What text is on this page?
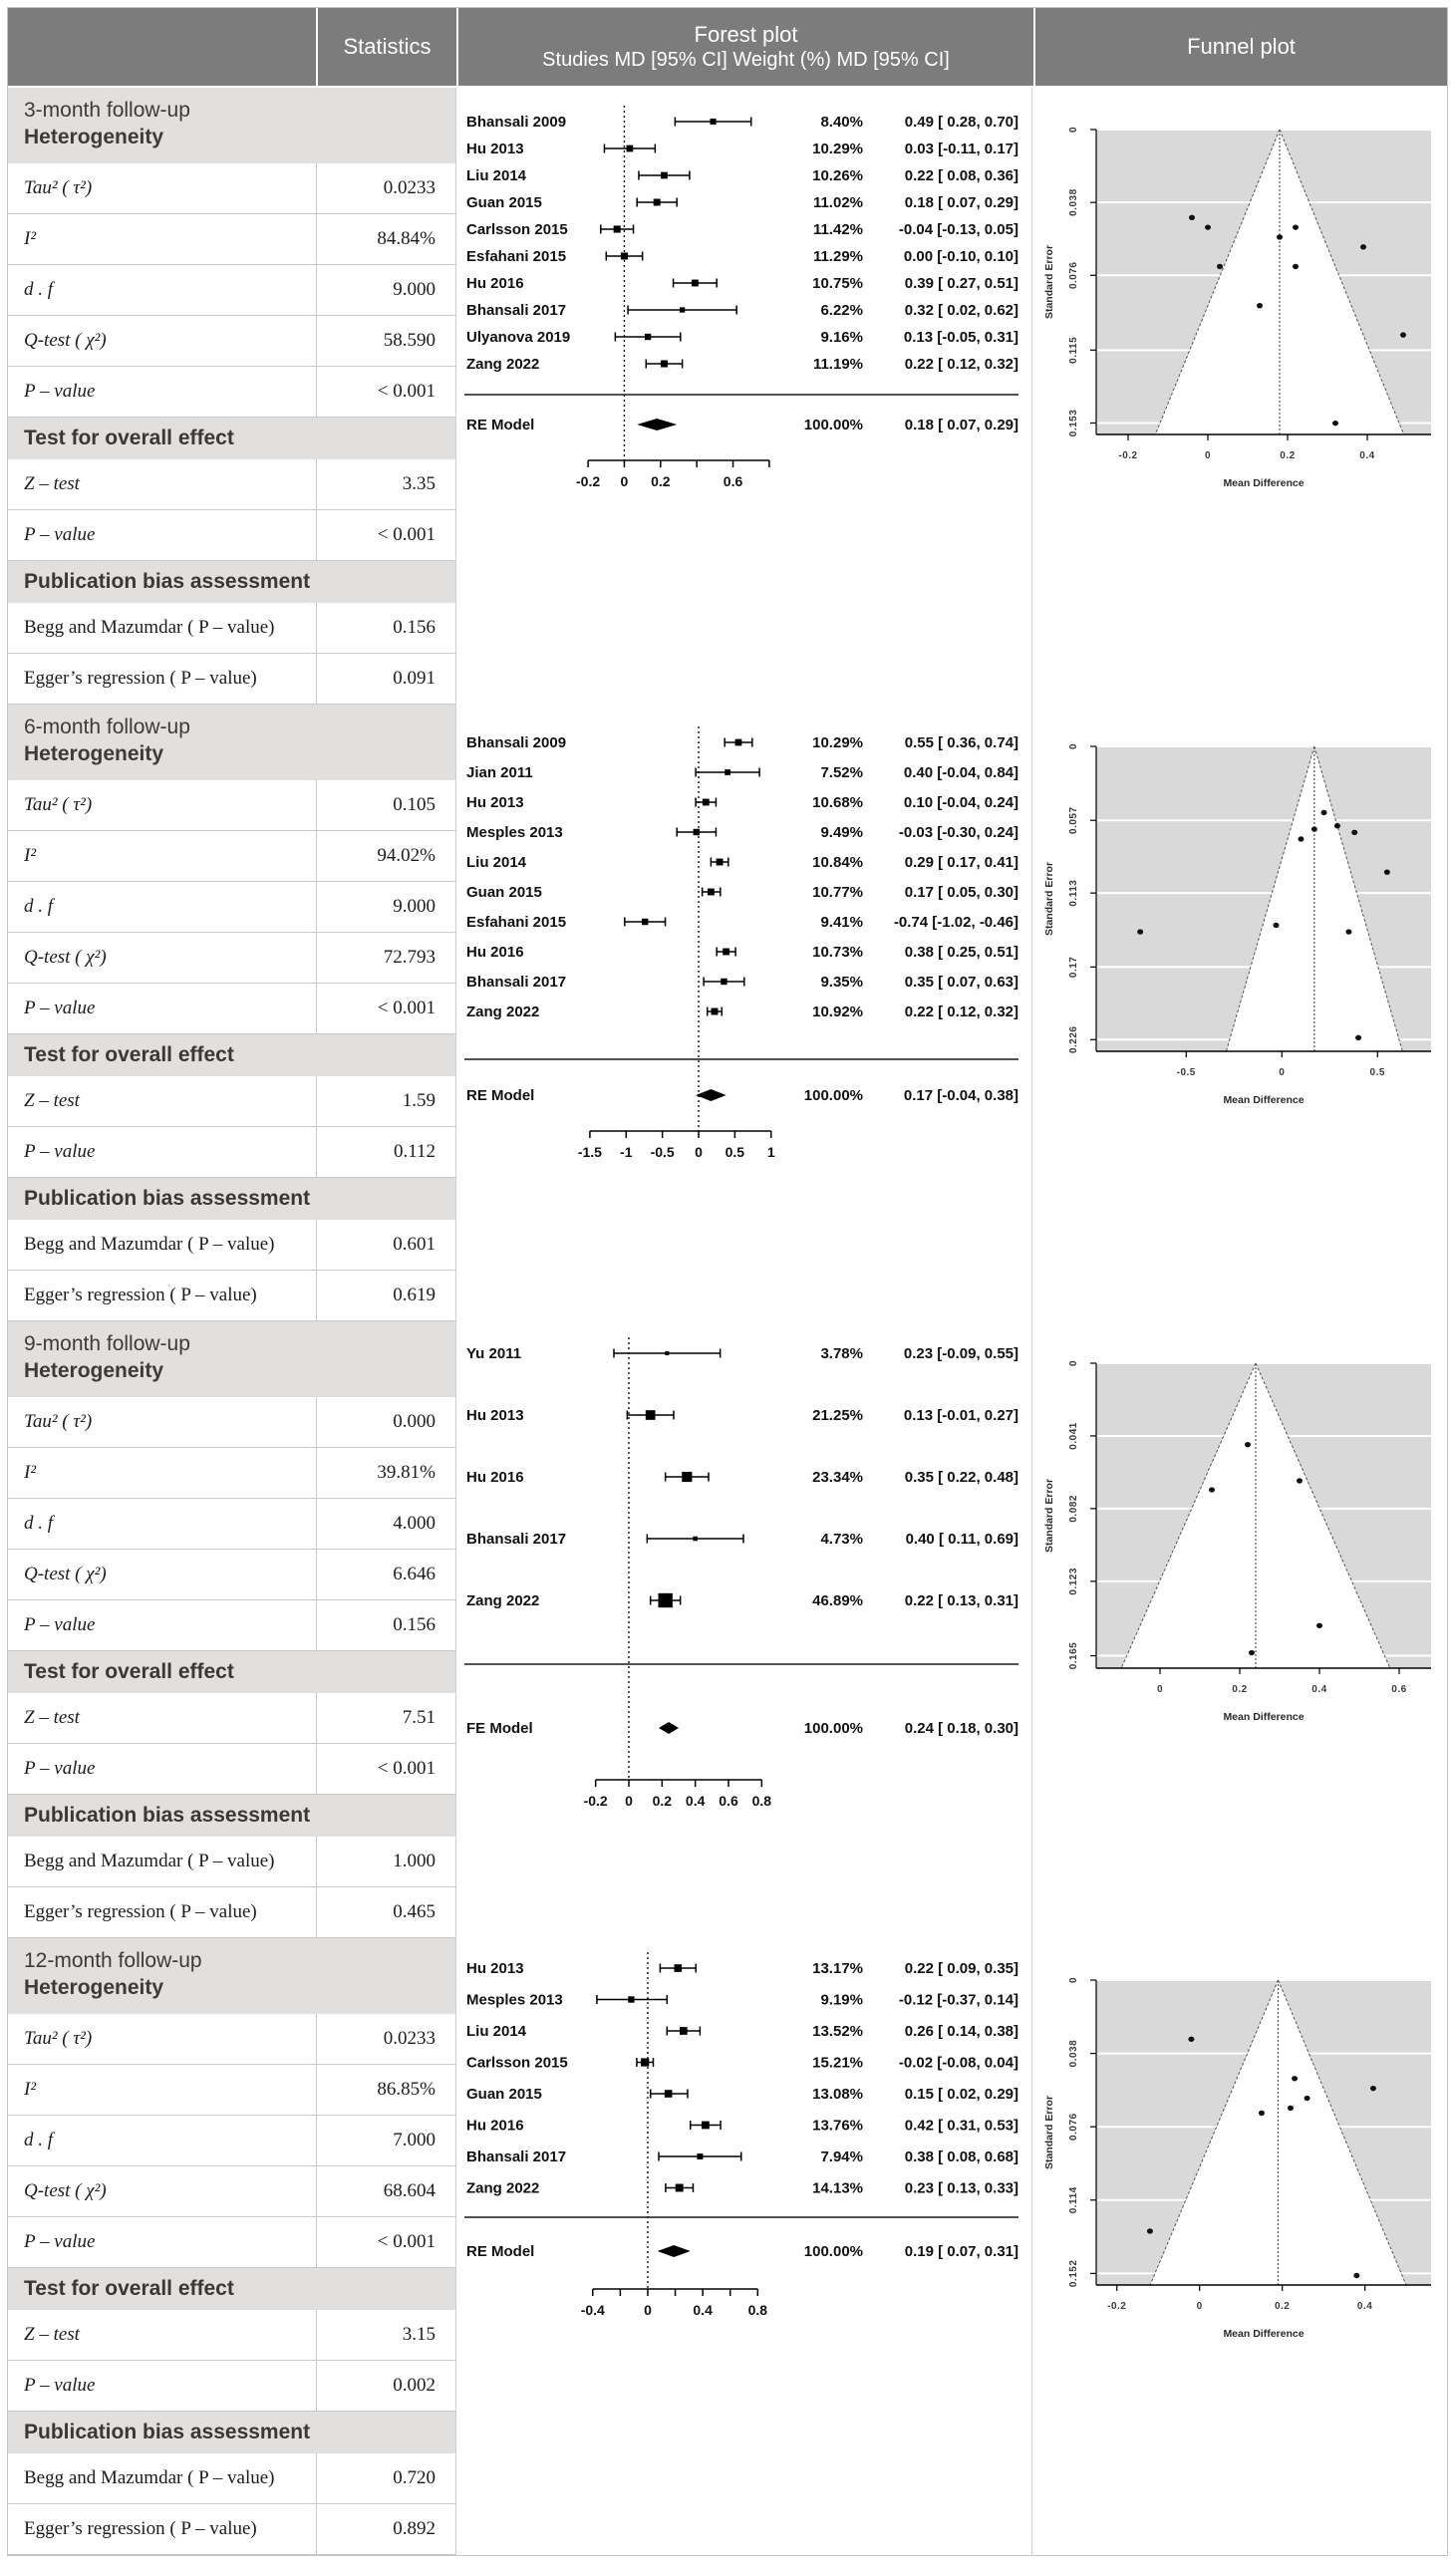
Statistics	Forest plot
Studies MD [95% CI] Weight (%) MD [95% CI]
Funnel plot
3-month follow-up
Heterogeneity
Tau² ( τ²)	0.0233
I²	84.84%
d . f	9.000
Q-test ( χ²)	58.590
P – value	< 0.001
Test for overall effect
Z – test	3.35
P – value	< 0.001
Publication bias assessment
Begg and Mazumdar ( P – value)	0.156
Egger’s regression ( P – value)	0.091
Bhansali 2009	8.40%	0.49 [ 0.28, 0.70]
Hu 2013	10.29%	0.03 [-0.11, 0.17]
Liu 2014	10.26%	0.22 [ 0.08, 0.36]
Guan 2015	11.02%	0.18 [ 0.07, 0.29]
Carlsson 2015	11.42% -0.04 [-0.13, 0.05]
Esfahani 2015	11.29%	0.00 [-0.10, 0.10]
Hu 2016	10.75%	0.39 [ 0.27, 0.51]
Bhansali 2017	6.22%	0.32 [ 0.02, 0.62]
Ulyanova 2019	9.16%	0.13 [-0.05, 0.31]
Zang 2022	11.19%	0.22 [ 0.12, 0.32]
RE Model	100.00%	0.18 [ 0.07, 0.29]
-0.2 0 0.2	0.6
0
0.038
0.076
0.115
0.153
Standard Error
-0.2	0	0.2	0.4
Mean Difference
6-month follow-up
Heterogeneity
Tau² ( τ²)	0.105
I²	94.02%
d . f	9.000
Q-test ( χ²)	72.793
P – value	< 0.001
Test for overall effect
Z – test	1.59
P – value	0.112
Publication bias assessment
Begg and Mazumdar ( P – value)	0.601
Egger’s regression ( P – value)	0.619
Bhansali 2009	10.29%	0.55 [ 0.36, 0.74]
Jian 2011	7.52%	0.40 [-0.04, 0.84]
Hu 2013	10.68%	0.10 [-0.04, 0.24]
Mesples 2013	9.49% -0.03 [-0.30, 0.24]
Liu 2014	10.84%	0.29 [ 0.17, 0.41]
Guan 2015	10.77%	0.17 [ 0.05, 0.30]
Esfahani 2015	9.41% -0.74 [-1.02, -0.46]
Hu 2016	10.73%	0.38 [ 0.25, 0.51]
Bhansali 2017	9.35%	0.35 [ 0.07, 0.63]
Zang 2022	10.92%	0.22 [ 0.12, 0.32]
RE Model	100.00%	0.17 [-0.04, 0.38]
-1.5 -1 -0.5 0 0.5 1
0
0.057
0.113
0.17
0.226
Standard Error
-0.5	0	0.5
Mean Difference
9-month follow-up
Heterogeneity
Tau² ( τ²)	0.000
I²	39.81%
d . f	4.000
Q-test ( χ²)	6.646
P – value	0.156
Test for overall effect
Z – test	7.51
P – value	< 0.001
Publication bias assessment
Begg and Mazumdar ( P – value)	1.000
Egger’s regression ( P – value)	0.465
Yu 2011	3.78%	0.23 [-0.09, 0.55]
Hu 2013	21.25%	0.13 [-0.01, 0.27]
Hu 2016	23.34%	0.35 [ 0.22, 0.48]
Bhansali 2017	4.73%	0.40 [ 0.11, 0.69]
Zang 2022	46.89%	0.22 [ 0.13, 0.31]
FE Model	100.00%	0.24 [ 0.18, 0.30]
-0.2 0 0.2 0.4 0.6 0.8
0
0.041
0.082
0.123
0.165
Standard Error
0	0.2	0.4	0.6
Mean Difference
12-month follow-up
Heterogeneity
Tau² ( τ²)	0.0233
I²	86.85%
d . f	7.000
Q-test ( χ²)	68.604
P – value	< 0.001
Test for overall effect
Z – test	3.15
P – value	0.002
Publication bias assessment
Begg and Mazumdar ( P – value)	0.720
Egger’s regression ( P – value)	0.892
Hu 2013	13.17%	0.22 [ 0.09, 0.35]
Mesples 2013	9.19% -0.12 [-0.37, 0.14]
Liu 2014	13.52%	0.26 [ 0.14, 0.38]
Carlsson 2015	15.21% -0.02 [-0.08, 0.04]
Guan 2015	13.08%	0.15 [ 0.02, 0.29]
Hu 2016	13.76%	0.42 [ 0.31, 0.53]
Bhansali 2017	7.94%	0.38 [ 0.08, 0.68]
Zang 2022	14.13%	0.23 [ 0.13, 0.33]
RE Model	100.00%	0.19 [ 0.07, 0.31]
-0.4	0	0.4	0.8
0
0.038
0.076
0.114
0.152
Standard Error
-0.2	0	0.2	0.4
Mean Difference
